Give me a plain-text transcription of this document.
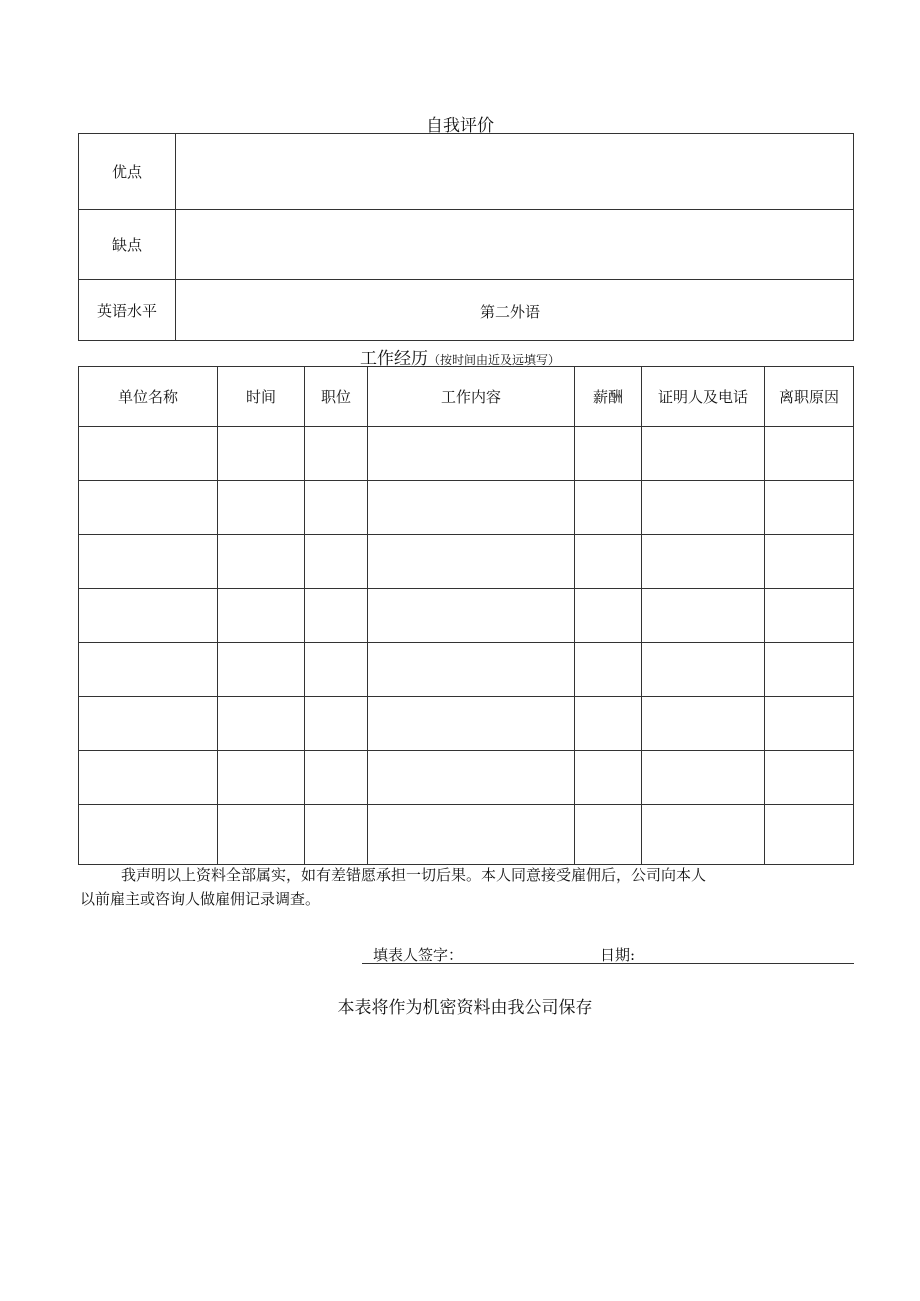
自我评价
优点	
缺点	
英语水平	第二外语
工作经历（按时间由近及远填写）
单位名称	时间	职位	工作内容	薪酬	证明人及电话	离职原因

我声明以上资料全部属实，如有差错愿承担一切后果。本人同意接受雇佣后，公司向本人
以前雇主或咨询人做雇佣记录调查。
填表人签字：	日期:
本表将作为机密资料由我公司保存
